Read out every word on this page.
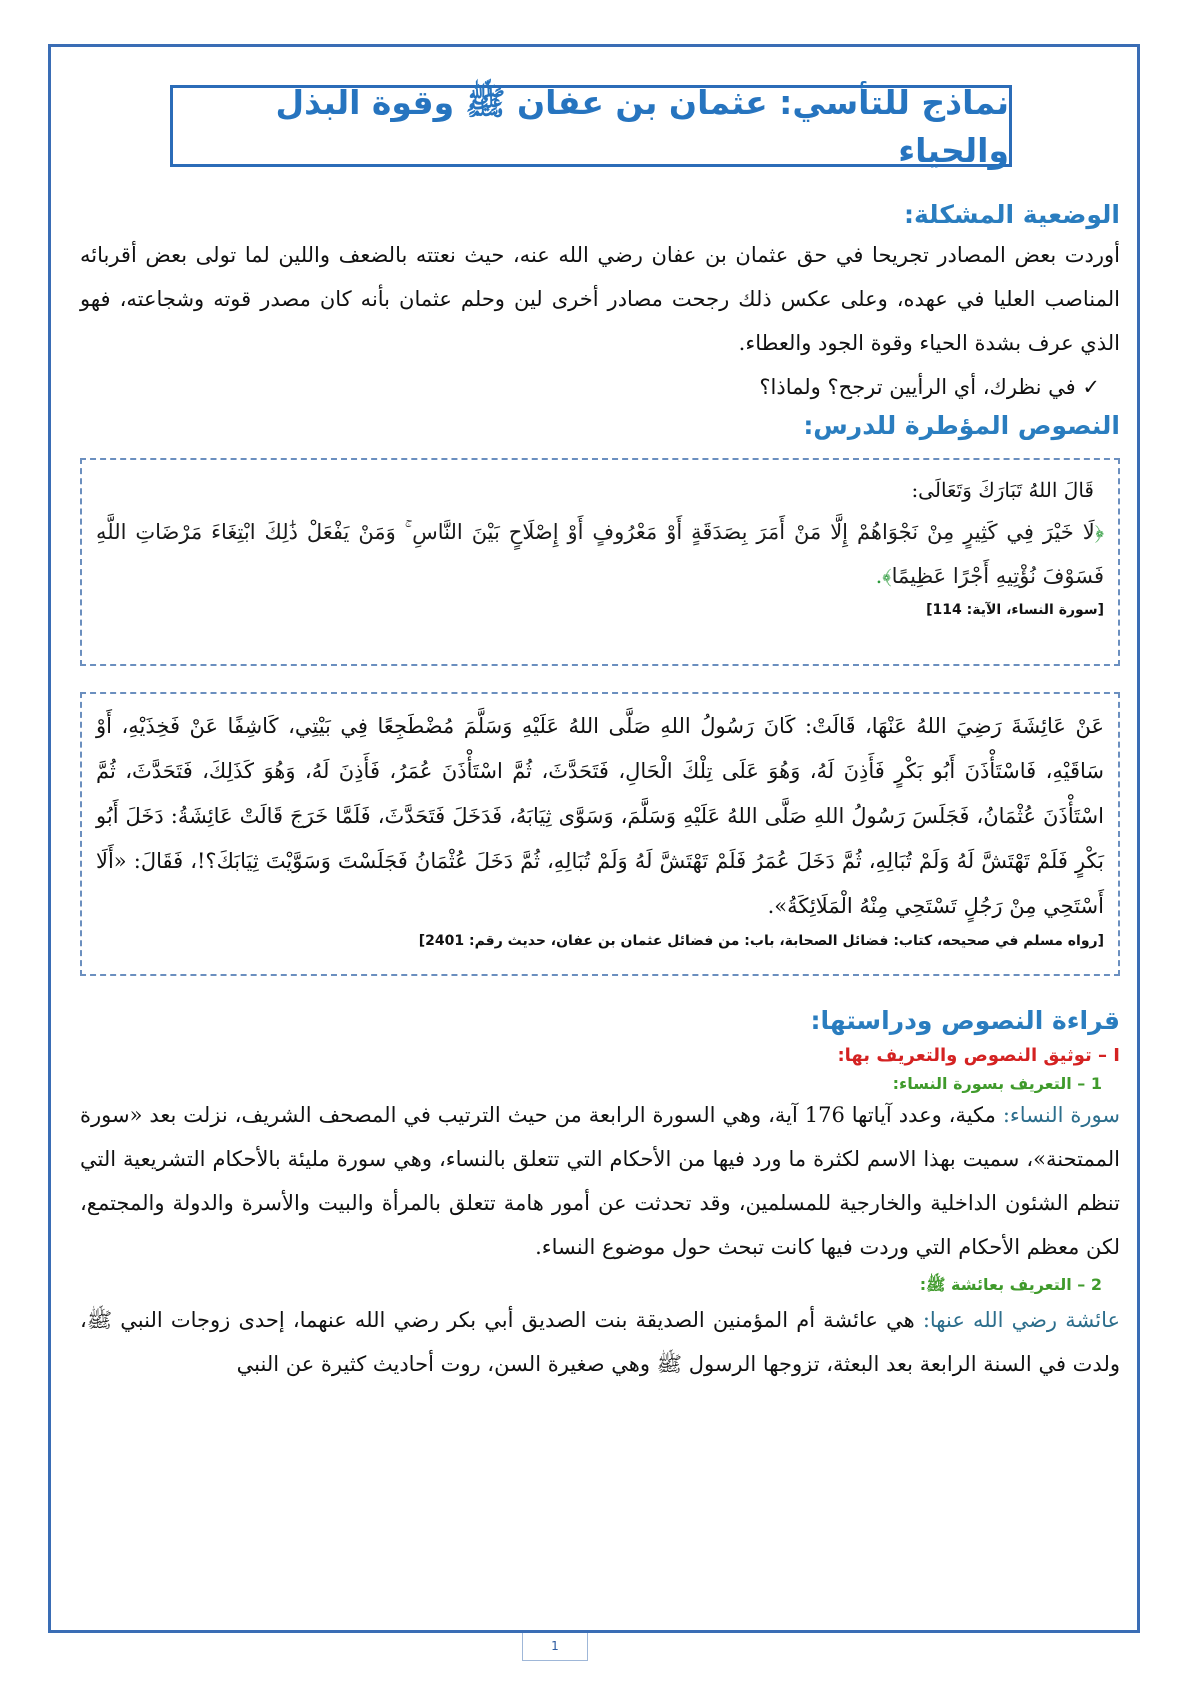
نماذج للتأسي: عثمان بن عفان ﷺ وقوة البذل والحياء
الوضعية المشكلة:

أوردت بعض المصادر تجريحا في حق عثمان بن عفان رضي الله عنه، حيث نعتته بالضعف واللين لما تولى بعض أقربائه المناصب العليا في عهده، وعلى عكس ذلك رجحت مصادر أخرى لين وحلم عثمان بأنه كان مصدر قوته وشجاعته، فهو الذي عرف بشدة الحياء وقوة الجود والعطاء.

✓ في نظرك، أي الرأيين ترجح؟ ولماذا؟

النصوص المؤطرة للدرس:

قَالَ اللهُ تَبَارَكَ وَتَعَالَى:

﴿لَا خَيْرَ فِي كَثِيرٍ مِنْ نَجْوَاهُمْ إِلَّا مَنْ أَمَرَ بِصَدَقَةٍ أَوْ مَعْرُوفٍ أَوْ إِصْلَاحٍ بَيْنَ النَّاسِ ۚ وَمَنْ يَفْعَلْ ذَٰلِكَ ابْتِغَاءَ مَرْضَاتِ اللَّهِ فَسَوْفَ نُؤْتِيهِ أَجْرًا عَظِيمًا﴾.

[سورة النساء، الآية: 114]

عَنْ عَائِشَةَ رَضِيَ اللهُ عَنْهَا، قَالَتْ: كَانَ رَسُولُ اللهِ صَلَّى اللهُ عَلَيْهِ وَسَلَّمَ مُضْطَجِعًا فِي بَيْتِي، كَاشِفًا عَنْ فَخِذَيْهِ، أَوْ سَاقَيْهِ، فَاسْتَأْذَنَ أَبُو بَكْرٍ فَأَذِنَ لَهُ، وَهُوَ عَلَى تِلْكَ الْحَالِ، فَتَحَدَّثَ، ثُمَّ اسْتَأْذَنَ عُمَرُ، فَأَذِنَ لَهُ، وَهُوَ كَذَلِكَ، فَتَحَدَّثَ، ثُمَّ اسْتَأْذَنَ عُثْمَانُ، فَجَلَسَ رَسُولُ اللهِ صَلَّى اللهُ عَلَيْهِ وَسَلَّمَ، وَسَوَّى ثِيَابَهُ، فَدَخَلَ فَتَحَدَّثَ، فَلَمَّا خَرَجَ قَالَتْ عَائِشَةُ: دَخَلَ أَبُو بَكْرٍ فَلَمْ تَهْتَشَّ لَهُ وَلَمْ تُبَالِهِ، ثُمَّ دَخَلَ عُمَرُ فَلَمْ تَهْتَشَّ لَهُ وَلَمْ تُبَالِهِ، ثُمَّ دَخَلَ عُثْمَانُ فَجَلَسْتَ وَسَوَّيْتَ ثِيَابَكَ؟!، فَقَالَ: «أَلَا أَسْتَحِي مِنْ رَجُلٍ تَسْتَحِي مِنْهُ الْمَلَائِكَةُ».

[رواه مسلم في صحيحه، كتاب: فضائل الصحابة، باب: من فضائل عثمان بن عفان، حديث رقم: 2401]

قراءة النصوص ودراستها:

I – توثيق النصوص والتعريف بها:

1 – التعريف بسورة النساء:

سورة النساء: مكية، وعدد آياتها 176 آية، وهي السورة الرابعة من حيث الترتيب في المصحف الشريف، نزلت بعد «سورة الممتحنة»، سميت بهذا الاسم لكثرة ما ورد فيها من الأحكام التي تتعلق بالنساء، وهي سورة مليئة بالأحكام التشريعية التي تنظم الشئون الداخلية والخارجية للمسلمين، وقد تحدثت عن أمور هامة تتعلق بالمرأة والبيت والأسرة والدولة والمجتمع، لكن معظم الأحكام التي وردت فيها كانت تبحث حول موضوع النساء.

2 – التعريف بعائشة ﷺ:

عائشة رضي الله عنها: هي عائشة أم المؤمنين الصديقة بنت الصديق أبي بكر رضي الله عنهما، إحدى زوجات النبي ﷺ، ولدت في السنة الرابعة بعد البعثة، تزوجها الرسول ﷺ وهي صغيرة السن، روت أحاديث كثيرة عن النبي

1
